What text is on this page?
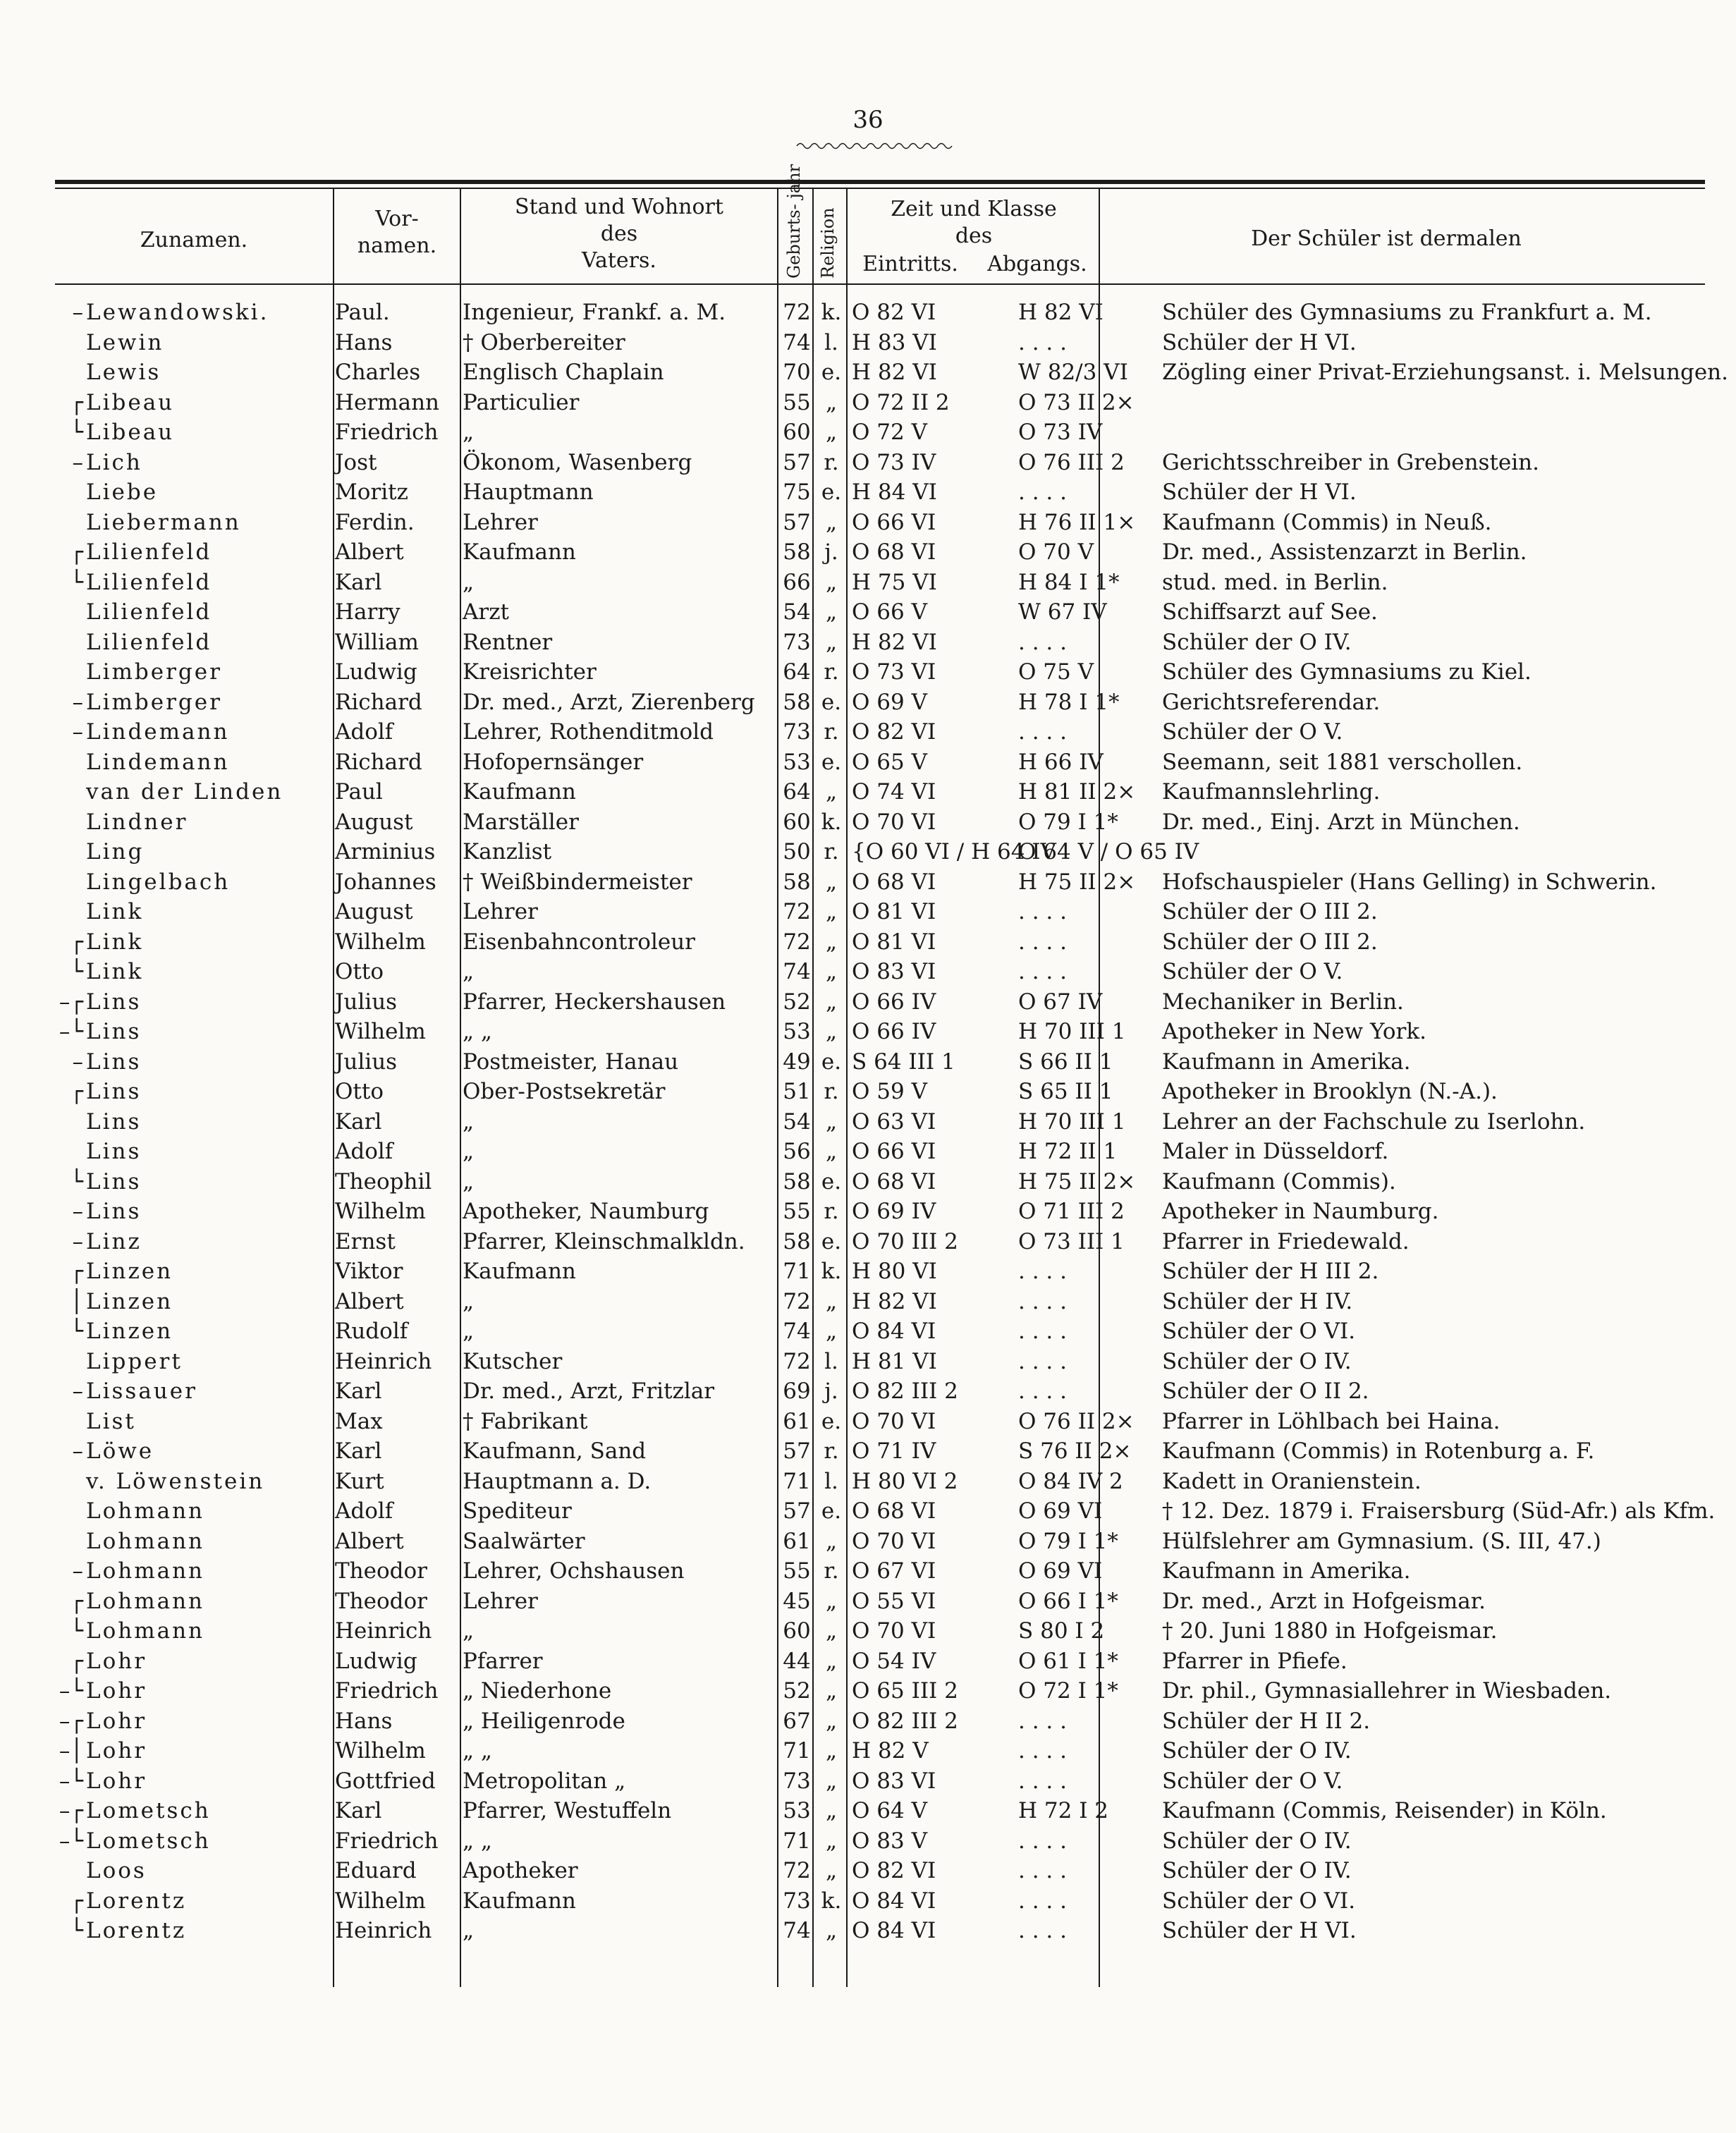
36
Zunamen.
Vor-
namen.
Stand und Wohnort
des
Vaters.	Geburts- jahr Religion	Zeit und Klasse
des
Eintritts.	Abgangs.
Der Schüler ist dermalen
– Lewandowski.	Paul.	Ingenieur, Frankf. a. M.	72 k. O 82 VI	H 82 VI	Schüler des Gymnasiums zu Frankfurt a. M.
Lewin	Hans	† Oberbereiter	74 l. H 83 VI	. . . .	Schüler der H VI.
Lewis	Charles	Englisch Chaplain	70 e. H 82 VI	W 82/3 VI	Zögling einer Privat-Erziehungsanst. i. Melsungen.
┌ Libeau	Hermann	Particulier	55 „ O 72 II 2	O 73 II 2×
└ Libeau	Friedrich	„	60 „ O 72 V	O 73 IV
– Lich	Jost	Ökonom, Wasenberg	57 r. O 73 IV	O 76 III 2	Gerichtsschreiber in Grebenstein.
Liebe	Moritz	Hauptmann	75 e. H 84 VI	. . . .	Schüler der H VI.
Liebermann	Ferdin.	Lehrer	57 „ O 66 VI	H 76 II 1×	Kaufmann (Commis) in Neuß.
┌ Lilienfeld	Albert	Kaufmann	58 j. O 68 VI	O 70 V	Dr. med., Assistenzarzt in Berlin.
└ Lilienfeld	Karl	„	66 „ H 75 VI	H 84 I 1*	stud. med. in Berlin.
Lilienfeld	Harry	Arzt	54 „ O 66 V	W 67 IV	Schiffsarzt auf See.
Lilienfeld	William	Rentner	73 „ H 82 VI	. . . .	Schüler der O IV.
Limberger	Ludwig	Kreisrichter	64 r. O 73 VI	O 75 V	Schüler des Gymnasiums zu Kiel.
– Limberger	Richard	Dr. med., Arzt, Zierenberg	58 e. O 69 V	H 78 I 1*	Gerichtsreferendar.
– Lindemann	Adolf	Lehrer, Rothenditmold	73 r. O 82 VI	. . . .	Schüler der O V.
Lindemann	Richard	Hofopernsänger	53 e. O 65 V	H 66 IV	Seemann, seit 1881 verschollen.
van der Linden	Paul	Kaufmann	64 „ O 74 VI	H 81 II 2×	Kaufmannslehrling.
Lindner	August	Marställer	60 k. O 70 VI	O 79 I 1*	Dr. med., Einj. Arzt in München.
Ling	Arminius	Kanzlist	50 r. {O 60 VI / H 64 IV
O 64 V / O 65 IV
Lingelbach	Johannes	† Weißbindermeister	58 „ O 68 VI	H 75 II 2×	Hofschauspieler (Hans Gelling) in Schwerin.
Link	August	Lehrer	72 „ O 81 VI	. . . .	Schüler der O III 2.
┌ Link	Wilhelm	Eisenbahncontroleur	72 „ O 81 VI	. . . .	Schüler der O III 2.
└ Link	Otto	„	74 „ O 83 VI	. . . .	Schüler der O V.
–┌ Lins	Julius	Pfarrer, Heckershausen	52 „ O 66 IV	O 67 IV	Mechaniker in Berlin.
–└ Lins	Wilhelm	„ „	53 „ O 66 IV	H 70 III 1	Apotheker in New York.
– Lins	Julius	Postmeister, Hanau	49 e. S 64 III 1	S 66 II 1	Kaufmann in Amerika.
┌ Lins	Otto	Ober-Postsekretär	51 r. O 59 V	S 65 II 1	Apotheker in Brooklyn (N.-A.).
Lins	Karl	„	54 „ O 63 VI	H 70 III 1	Lehrer an der Fachschule zu Iserlohn.
Lins	Adolf	„	56 „ O 66 VI	H 72 II 1	Maler in Düsseldorf.
└ Lins	Theophil	„	58 e. O 68 VI	H 75 II 2×	Kaufmann (Commis).
– Lins	Wilhelm	Apotheker, Naumburg	55 r. O 69 IV	O 71 III 2	Apotheker in Naumburg.
– Linz	Ernst	Pfarrer, Kleinschmalkldn.	58 e. O 70 III 2	O 73 III 1	Pfarrer in Friedewald.
┌ Linzen	Viktor	Kaufmann	71 k. H 80 VI	. . . .	Schüler der H III 2.
│ Linzen	Albert	„	72 „ H 82 VI	. . . .	Schüler der H IV.
└ Linzen	Rudolf	„	74 „ O 84 VI	. . . .	Schüler der O VI.
Lippert	Heinrich	Kutscher	72 l. H 81 VI	. . . .	Schüler der O IV.
– Lissauer	Karl	Dr. med., Arzt, Fritzlar	69 j. O 82 III 2	. . . .	Schüler der O II 2.
List	Max	† Fabrikant	61 e. O 70 VI	O 76 II 2×	Pfarrer in Löhlbach bei Haina.
– Löwe	Karl	Kaufmann, Sand	57 r. O 71 IV	S 76 II 2×	Kaufmann (Commis) in Rotenburg a. F.
v. Löwenstein	Kurt	Hauptmann a. D.	71 l. H 80 VI 2	O 84 IV 2	Kadett in Oranienstein.
Lohmann	Adolf	Spediteur	57 e. O 68 VI	O 69 VI	† 12. Dez. 1879 i. Fraisersburg (Süd-Afr.) als Kfm.
Lohmann	Albert	Saalwärter	61 „ O 70 VI	O 79 I 1*	Hülfslehrer am Gymnasium. (S. III, 47.)
– Lohmann	Theodor	Lehrer, Ochshausen	55 r. O 67 VI	O 69 VI	Kaufmann in Amerika.
┌ Lohmann	Theodor	Lehrer	45 „ O 55 VI	O 66 I 1*	Dr. med., Arzt in Hofgeismar.
└ Lohmann	Heinrich	„	60 „ O 70 VI	S 80 I 2	† 20. Juni 1880 in Hofgeismar.
┌ Lohr	Ludwig	Pfarrer	44 „ O 54 IV	O 61 I 1*	Pfarrer in Pfiefe.
–└ Lohr	Friedrich	„ Niederhone	52 „ O 65 III 2	O 72 I 1*	Dr. phil., Gymnasiallehrer in Wiesbaden.
–┌ Lohr	Hans	„ Heiligenrode	67 „ O 82 III 2	. . . .	Schüler der H II 2.
–│ Lohr	Wilhelm	„ „	71 „ H 82 V	. . . .	Schüler der O IV.
–└ Lohr	Gottfried	Metropolitan „	73 „ O 83 VI	. . . .	Schüler der O V.
–┌ Lometsch	Karl	Pfarrer, Westuffeln	53 „ O 64 V	H 72 I 2	Kaufmann (Commis, Reisender) in Köln.
–└ Lometsch	Friedrich	„ „	71 „ O 83 V	. . . .	Schüler der O IV.
Loos	Eduard	Apotheker	72 „ O 82 VI	. . . .	Schüler der O IV.
┌ Lorentz	Wilhelm	Kaufmann	73 k. O 84 VI	. . . .	Schüler der O VI.
└ Lorentz	Heinrich	„	74 „ O 84 VI	. . . .	Schüler der H VI.
